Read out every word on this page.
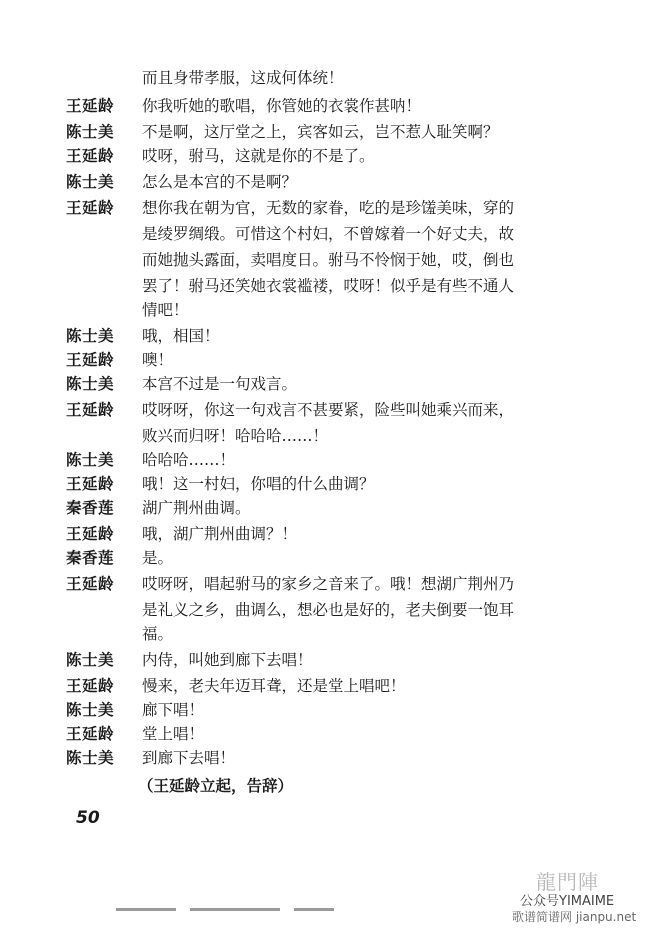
而且身带孝服，这成何体统！
王延龄	你我听她的歌唱，你管她的衣裳作甚呐！
陈士美	不是啊，这厅堂之上，宾客如云，岂不惹人耻笑啊？
王延龄	哎呀，驸马，这就是你的不是了。
陈士美	怎么是本宫的不是啊？
王延龄	想你我在朝为官，无数的家眷，吃的是珍馐美味，穿的
是绫罗绸缎。可惜这个村妇，不曾嫁着一个好丈夫，故
而她抛头露面，卖唱度日。驸马不怜悯于她，哎，倒也
罢了！驸马还笑她衣裳褴褛，哎呀！似乎是有些不通人
情吧！
陈士美	哦，相国！
王延龄	噢！
陈士美	本宫不过是一句戏言。
王延龄	哎呀呀，你这一句戏言不甚要紧，险些叫她乘兴而来，
败兴而归呀！哈哈哈……！
陈士美	哈哈哈……！
王延龄	哦！这一村妇，你唱的什么曲调？
秦香莲	湖广荆州曲调。
王延龄	哦，湖广荆州曲调？！
秦香莲	是。
王延龄	哎呀呀，唱起驸马的家乡之音来了。哦！想湖广荆州乃
是礼义之乡，曲调么，想必也是好的，老夫倒要一饱耳
福。
陈士美	内侍，叫她到廊下去唱！
王延龄	慢来，老夫年迈耳聋，还是堂上唱吧！
陈士美	廊下唱！
王延龄	堂上唱！
陈士美	到廊下去唱！
（王延龄立起，告辞）
50
龍門陣
公众号YIMAIME
歌谱简谱网 jianpu.net
